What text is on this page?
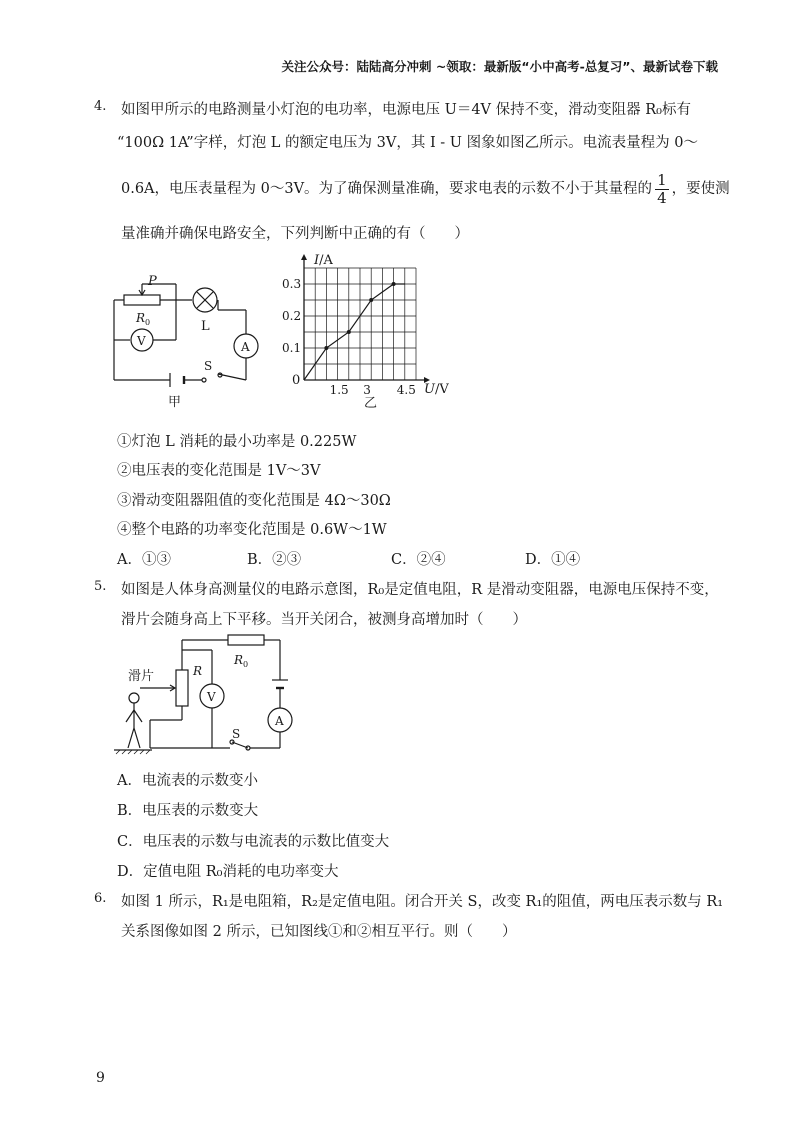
关注公众号：陆陆高分冲刺 ~领取：最新版“小中高考-总复习”、最新试卷下载
4. 如图甲所示的电路测量小灯泡的电功率，电源电压 U＝4V 保持不变，滑动变阻器 R₀标有
“100Ω 1A”字样，灯泡 L 的额定电压为 3V，其 I - U 图象如图乙所示。电流表量程为 0～
0.6A，电压表量程为 0～3V。为了确保测量准确，要求电表的示数不小于其量程的 $\frac{1}{4}$ ，要使测
量准确并确保电路安全，下列判断中正确的有（　　）
P
$R_0$	L
V	A
S
甲
1.5 3 4.5
0.1
0.2
0.3
I/A
U/V
0
乙
①灯泡 L 消耗的最小功率是 0.225W
②电压表的变化范围是 1V～3V
③滑动变阻器阻值的变化范围是 4Ω～30Ω
④整个电路的功率变化范围是 0.6W～1W
A．①③	B．②③	C．②④	D．①④
5. 如图是人体身高测量仪的电路示意图，R₀是定值电阻，R 是滑动变阻器，电源电压保持不变，
滑片会随身高上下平移。当开关闭合，被测身高增加时（　　）
$R_0$
A
S
R
滑片
V
A．电流表的示数变小
B．电压表的示数变大
C．电压表的示数与电流表的示数比值变大
D．定值电阻 R₀消耗的电功率变大
6. 如图 1 所示，R₁是电阻箱，R₂是定值电阻。闭合开关 S，改变 R₁的阻值，两电压表示数与 R₁
关系图像如图 2 所示，已知图线①和②相互平行。则（　　）
9
